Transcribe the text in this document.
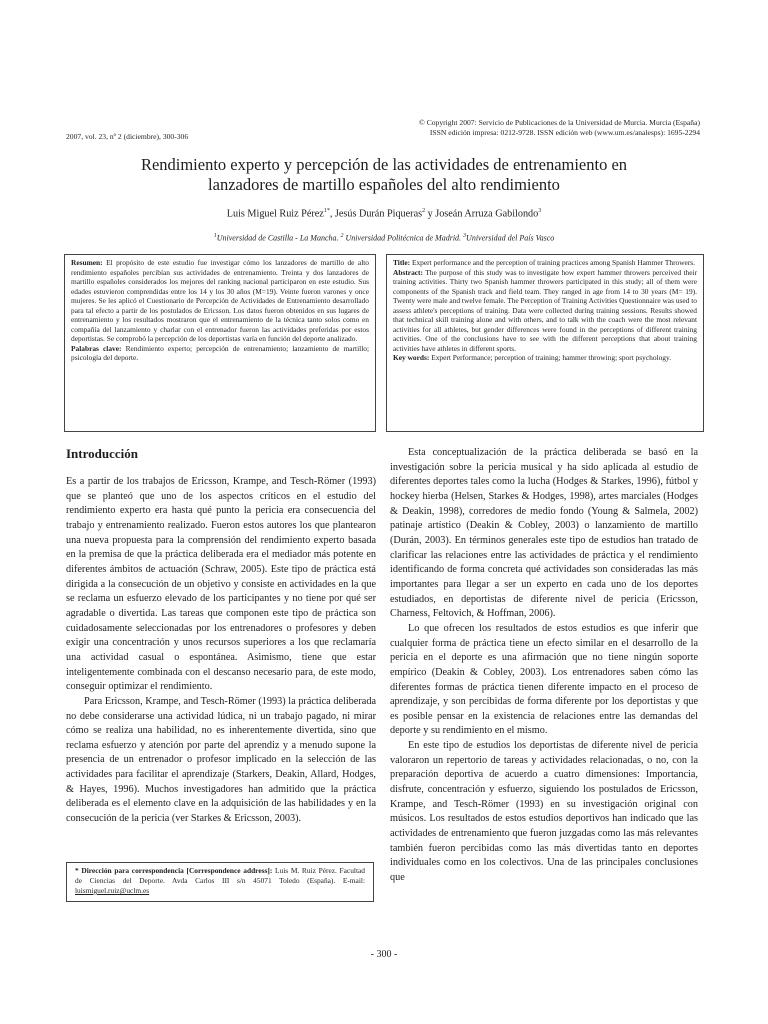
© Copyright 2007: Servicio de Publicaciones de la Universidad de Murcia. Murcia (España)
ISSN edición impresa: 0212-9728. ISSN edición web (www.um.es/analesps): 1695-2294
2007, vol. 23, nº 2 (diciembre), 300-306
Rendimiento experto y percepción de las actividades de entrenamiento en
lanzadores de martillo españoles del alto rendimiento
Luis Miguel Ruiz Pérez$^{1*}$, Jesús Durán Piqueras$^2$ y Joseán Arruza Gabilondo$^3$
$^1$Universidad de Castilla - La Mancha. $^2$ Universidad Politécnica de Madrid. $^3$Universidad del País Vasco
Resumen: El propósito de este estudio fue investigar cómo los lanzadores de martillo de alto rendimiento españoles percibían sus actividades de entrenamiento. Treinta y dos lanzadores de martillo españoles considerados los mejores del ranking nacional participaron en este estudio. Sus edades estuvieron comprendidas entre los 14 y los 30 años (M=19). Veinte fueron varones y once mujeres. Se les aplicó el Cuestionario de Percepción de Actividades de Entrenamiento desarrollado para tal efecto a partir de los postulados de Ericsson. Los datos fueron obtenidos en sus lugares de entrenamiento y los resultados mostraron que el entrenamiento de la técnica tanto solos como en compañía del lanzamiento y charlar con el entrenador fueron las actividades preferidas por estos deportistas. Se comprobó la percepción de los deportistas varía en función del deporte analizado.
Palabras clave: Rendimiento experto; percepción de entrenamiento; lanzamiento de martillo; psicología del deporte.
Title: Expert performance and the perception of training practices among Spanish Hammer Throwers.
Abstract: The purpose of this study was to investigate how expert hammer throwers perceived their training activities. Thirty two Spanish hammer throwers participated in this study; all of them were components of the Spanish track and field team. They ranged in age from 14 to 30 years (M= 19). Twenty were male and twelve female. The Perception of Training Activities Questionnaire was used to assess athlete's perceptions of training. Data were collected during training sessions. Results showed that technical skill training alone and with others, and to talk with the coach were the most relevant activities for all athletes, but gender differences were found in the perceptions of different training activities. One of the conclusions have to see with the different perceptions that about training activities have athletes in different sports.
Key words: Expert Performance; perception of training; hammer throwing; sport psychology.
Introducción

Es a partir de los trabajos de Ericsson, Krampe, and Tesch-Römer (1993) que se planteó que uno de los aspectos críticos en el estudio del rendimiento experto era hasta qué punto la pericia era consecuencia del trabajo y entrenamiento realizado. Fueron estos autores los que plantearon una nueva propuesta para la comprensión del rendimiento experto basada en la premisa de que la práctica deliberada era el mediador más potente en diferentes ámbitos de actuación (Schraw, 2005). Este tipo de práctica está dirigida a la consecución de un objetivo y consiste en actividades en la que se reclama un esfuerzo elevado de los participantes y no tiene por qué ser agradable o divertida. Las tareas que componen este tipo de práctica son cuidadosamente seleccionadas por los entrenadores o profesores y deben exigir una concentración y unos recursos superiores a los que reclamaría una actividad casual o espontánea. Asimismo, tiene que estar inteligentemente combinada con el descanso necesario para, de este modo, conseguir optimizar el rendimiento.

Para Ericsson, Krampe, and Tesch-Römer (1993) la práctica deliberada no debe considerarse una actividad lúdica, ni un trabajo pagado, ni mirar cómo se realiza una habilidad, no es inherentemente divertida, sino que reclama esfuerzo y atención por parte del aprendiz y a menudo supone la presencia de un entrenador o profesor implicado en la selección de las actividades para facilitar el aprendizaje (Starkers, Deakin, Allard, Hodges, & Hayes, 1996). Muchos investigadores han admitido que la práctica deliberada es el elemento clave en la adquisición de las habilidades y en la consecución de la pericia (ver Starkes & Ericsson, 2003).

Esta conceptualización de la práctica deliberada se basó en la investigación sobre la pericia musical y ha sido aplicada al estudio de diferentes deportes tales como la lucha (Hodges & Starkes, 1996), fútbol y hockey hierba (Helsen, Starkes & Hodges, 1998), artes marciales (Hodges & Deakin, 1998), corredores de medio fondo (Young & Salmela, 2002) patinaje artístico (Deakin & Cobley, 2003) o lanzamiento de martillo (Durán, 2003). En términos generales este tipo de estudios han tratado de clarificar las relaciones entre las actividades de práctica y el rendimiento identificando de forma concreta qué actividades son consideradas las más importantes para llegar a ser un experto en cada uno de los deportes estudiados, en deportistas de diferente nivel de pericia (Ericsson, Charness, Feltovich, & Hoffman, 2006).

Lo que ofrecen los resultados de estos estudios es que inferir que cualquier forma de práctica tiene un efecto similar en el desarrollo de la pericia en el deporte es una afirmación que no tiene ningún soporte empírico (Deakin & Cobley, 2003). Los entrenadores saben cómo las diferentes formas de práctica tienen diferente impacto en el proceso de aprendizaje, y son percibidas de forma diferente por los deportistas y que es posible pensar en la existencia de relaciones entre las demandas del deporte y su rendimiento en el mismo.

En este tipo de estudios los deportistas de diferente nivel de pericia valoraron un repertorio de tareas y actividades relacionadas, o no, con la preparación deportiva de acuerdo a cuatro dimensiones: Importancia, disfrute, concentración y esfuerzo, siguiendo los postulados de Ericsson, Krampe, and Tesch-Römer (1993) en su investigación original con músicos. Los resultados de estos estudios deportivos han indicado que las actividades de entrenamiento que fueron juzgadas como las más relevantes también fueron percibidas como las más divertidas tanto en deportes individuales como en los colectivos. Una de las principales conclusiones que

* Dirección para correspondencia [Correspondence address]: Luis M. Ruiz Pérez. Facultad de Ciencias del Deporte. Avda Carlos III s/n 45071 Toledo (España). E-mail: luismiguel.ruiz@uclm.es
- 300 -
